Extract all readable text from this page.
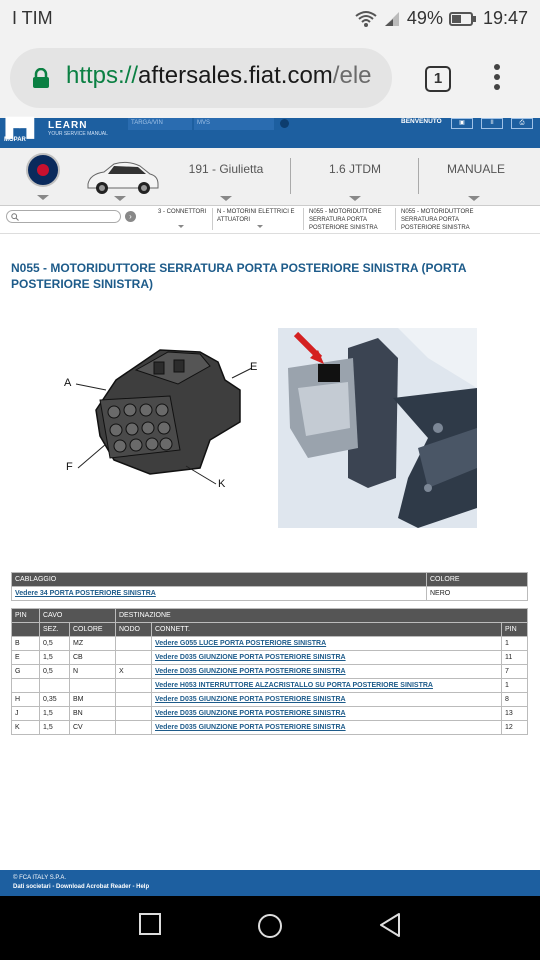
I TIM	49% 19:47
https://aftersales.fiat.com/ele	1
▛▜ LEARN
YOUR SERVICE MANUAL
MOPAR
TARGA/VIN	MVS	BENVENUTO	▣	II	⎙
191 - Giulietta	1.6 JTDM	MANUALE
›	3 - CONNETTORI N - MOTORINI ELETTRICI E
ATTUATORI
N055 - MOTORIDUTTORE
SERRATURA PORTA
POSTERIORE SINISTRA
N055 - MOTORIDUTTORE
SERRATURA PORTA
POSTERIORE SINISTRA
N055 - MOTORIDUTTORE SERRATURA PORTA POSTERIORE SINISTRA (PORTA
POSTERIORE SINISTRA)
A
E
F
K
CABLAGGIO	COLORE
Vedere 34 PORTA POSTERIORE SINISTRA	NERO
PIN	CAVO		DESTINAZIONE		
	SEZ.	COLORE	NODO	CONNETT.	PIN
B	0,5	MZ		Vedere G055 LUCE PORTA POSTERIORE SINISTRA	1
E	1,5	CB		Vedere D035 GIUNZIONE PORTA POSTERIORE SINISTRA	11
G	0,5	N	X	Vedere D035 GIUNZIONE PORTA POSTERIORE SINISTRA	7
				Vedere H053 INTERRUTTORE ALZACRISTALLO SU PORTA POSTERIORE SINISTRA	1
H	0,35	BM		Vedere D035 GIUNZIONE PORTA POSTERIORE SINISTRA	8
J	1,5	BN		Vedere D035 GIUNZIONE PORTA POSTERIORE SINISTRA	13
K	1,5	CV		Vedere D035 GIUNZIONE PORTA POSTERIORE SINISTRA	12
© FCA ITALY S.P.A.
Dati societari - Download Acrobat Reader - Help
